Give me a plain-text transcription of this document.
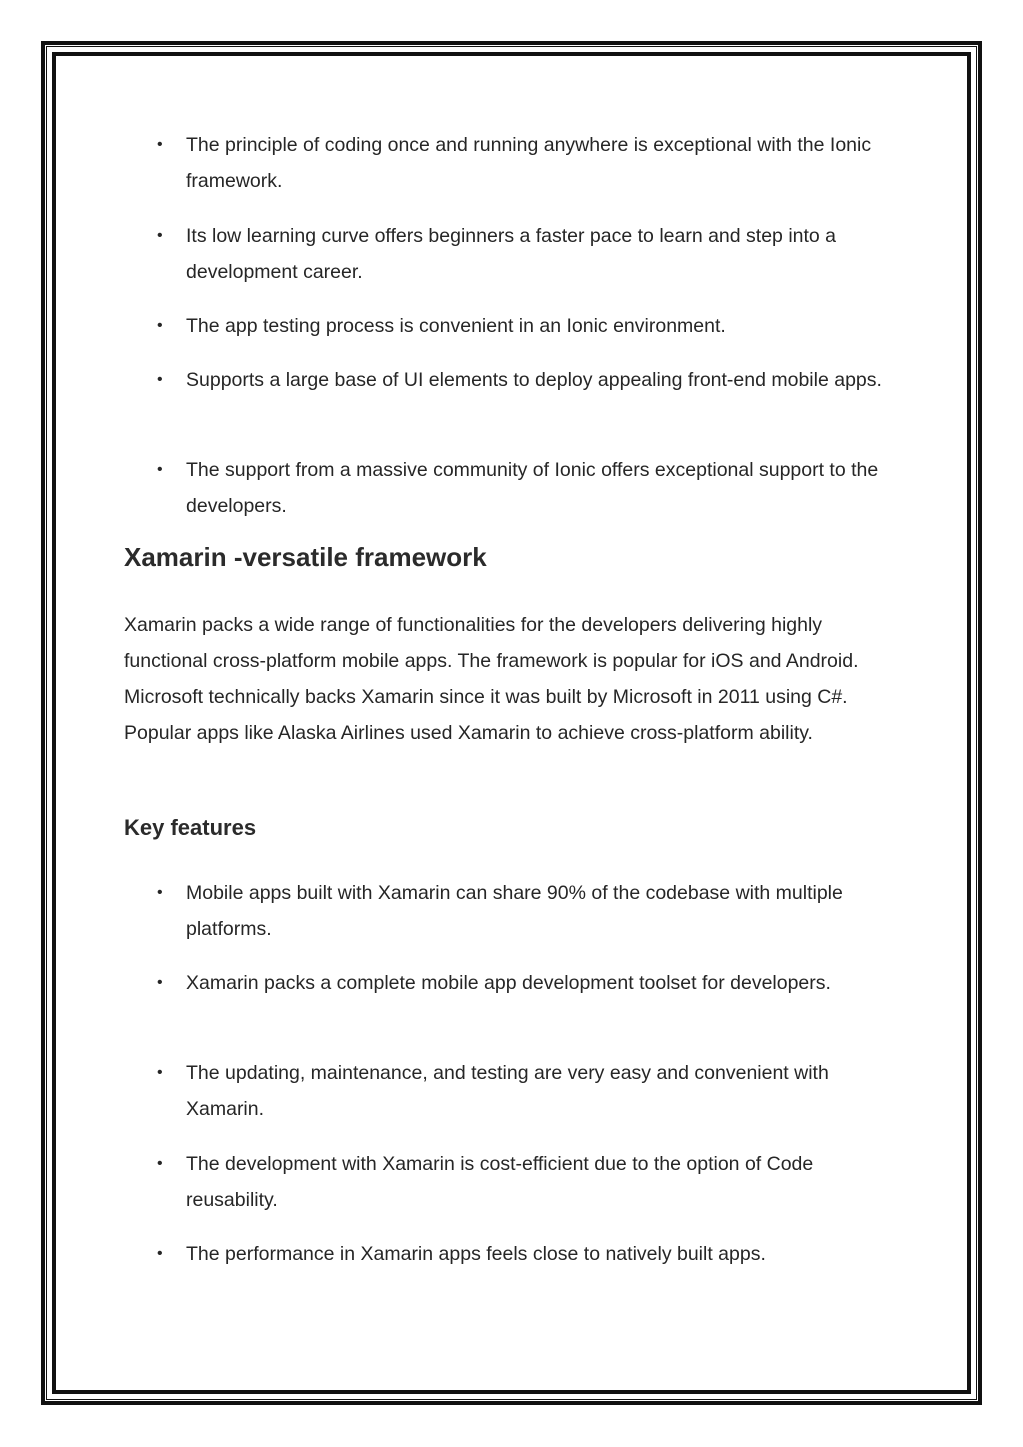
• The principle of coding once and running anywhere is exceptional with the Ionic framework.
• Its low learning curve offers beginners a faster pace to learn and step into a development career.
• The app testing process is convenient in an Ionic environment.
• Supports a large base of UI elements to deploy appealing front-end mobile apps.
• The support from a massive community of Ionic offers exceptional support to the developers.
Xamarin -versatile framework

Xamarin packs a wide range of functionalities for the developers delivering highly functional cross-platform mobile apps. The framework is popular for iOS and Android. Microsoft technically backs Xamarin since it was built by Microsoft in 2011 using C#. Popular apps like Alaska Airlines used Xamarin to achieve cross-platform ability.

Key features
• Mobile apps built with Xamarin can share 90% of the codebase with multiple platforms.
• Xamarin packs a complete mobile app development toolset for developers.
• The updating, maintenance, and testing are very easy and convenient with Xamarin.
• The development with Xamarin is cost-efficient due to the option of Code reusability.
• The performance in Xamarin apps feels close to natively built apps.
